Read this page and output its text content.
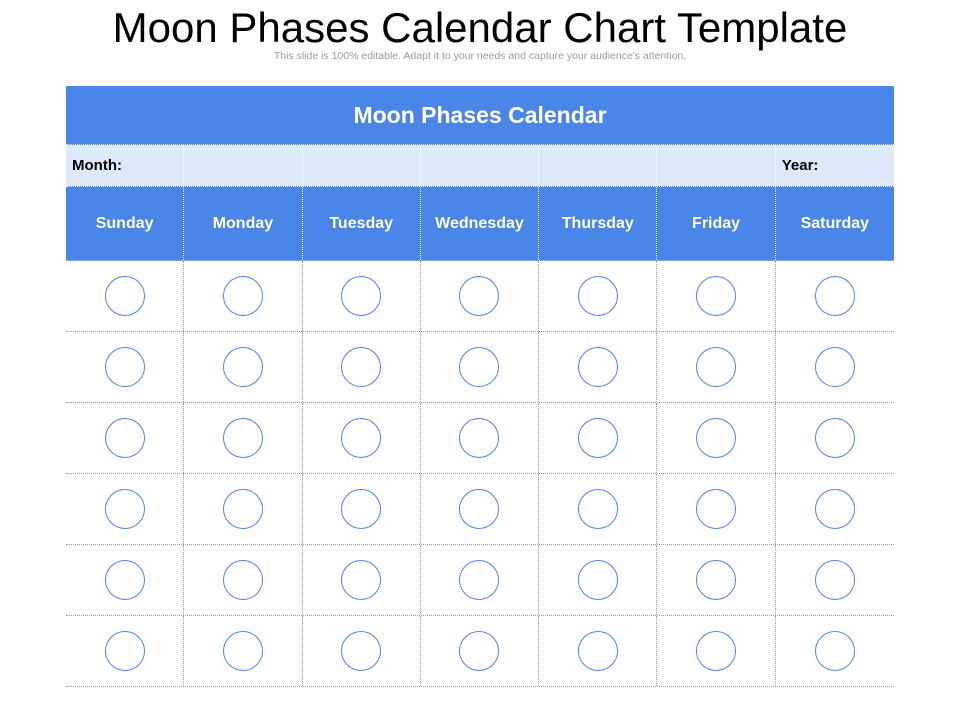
Moon Phases Calendar Chart Template
This slide is 100% editable. Adapt it to your needs and capture your audience's attention.
Moon Phases Calendar
Month:	Year:
Sunday	Monday	Tuesday	Wednesday	Thursday	Friday	Saturday
